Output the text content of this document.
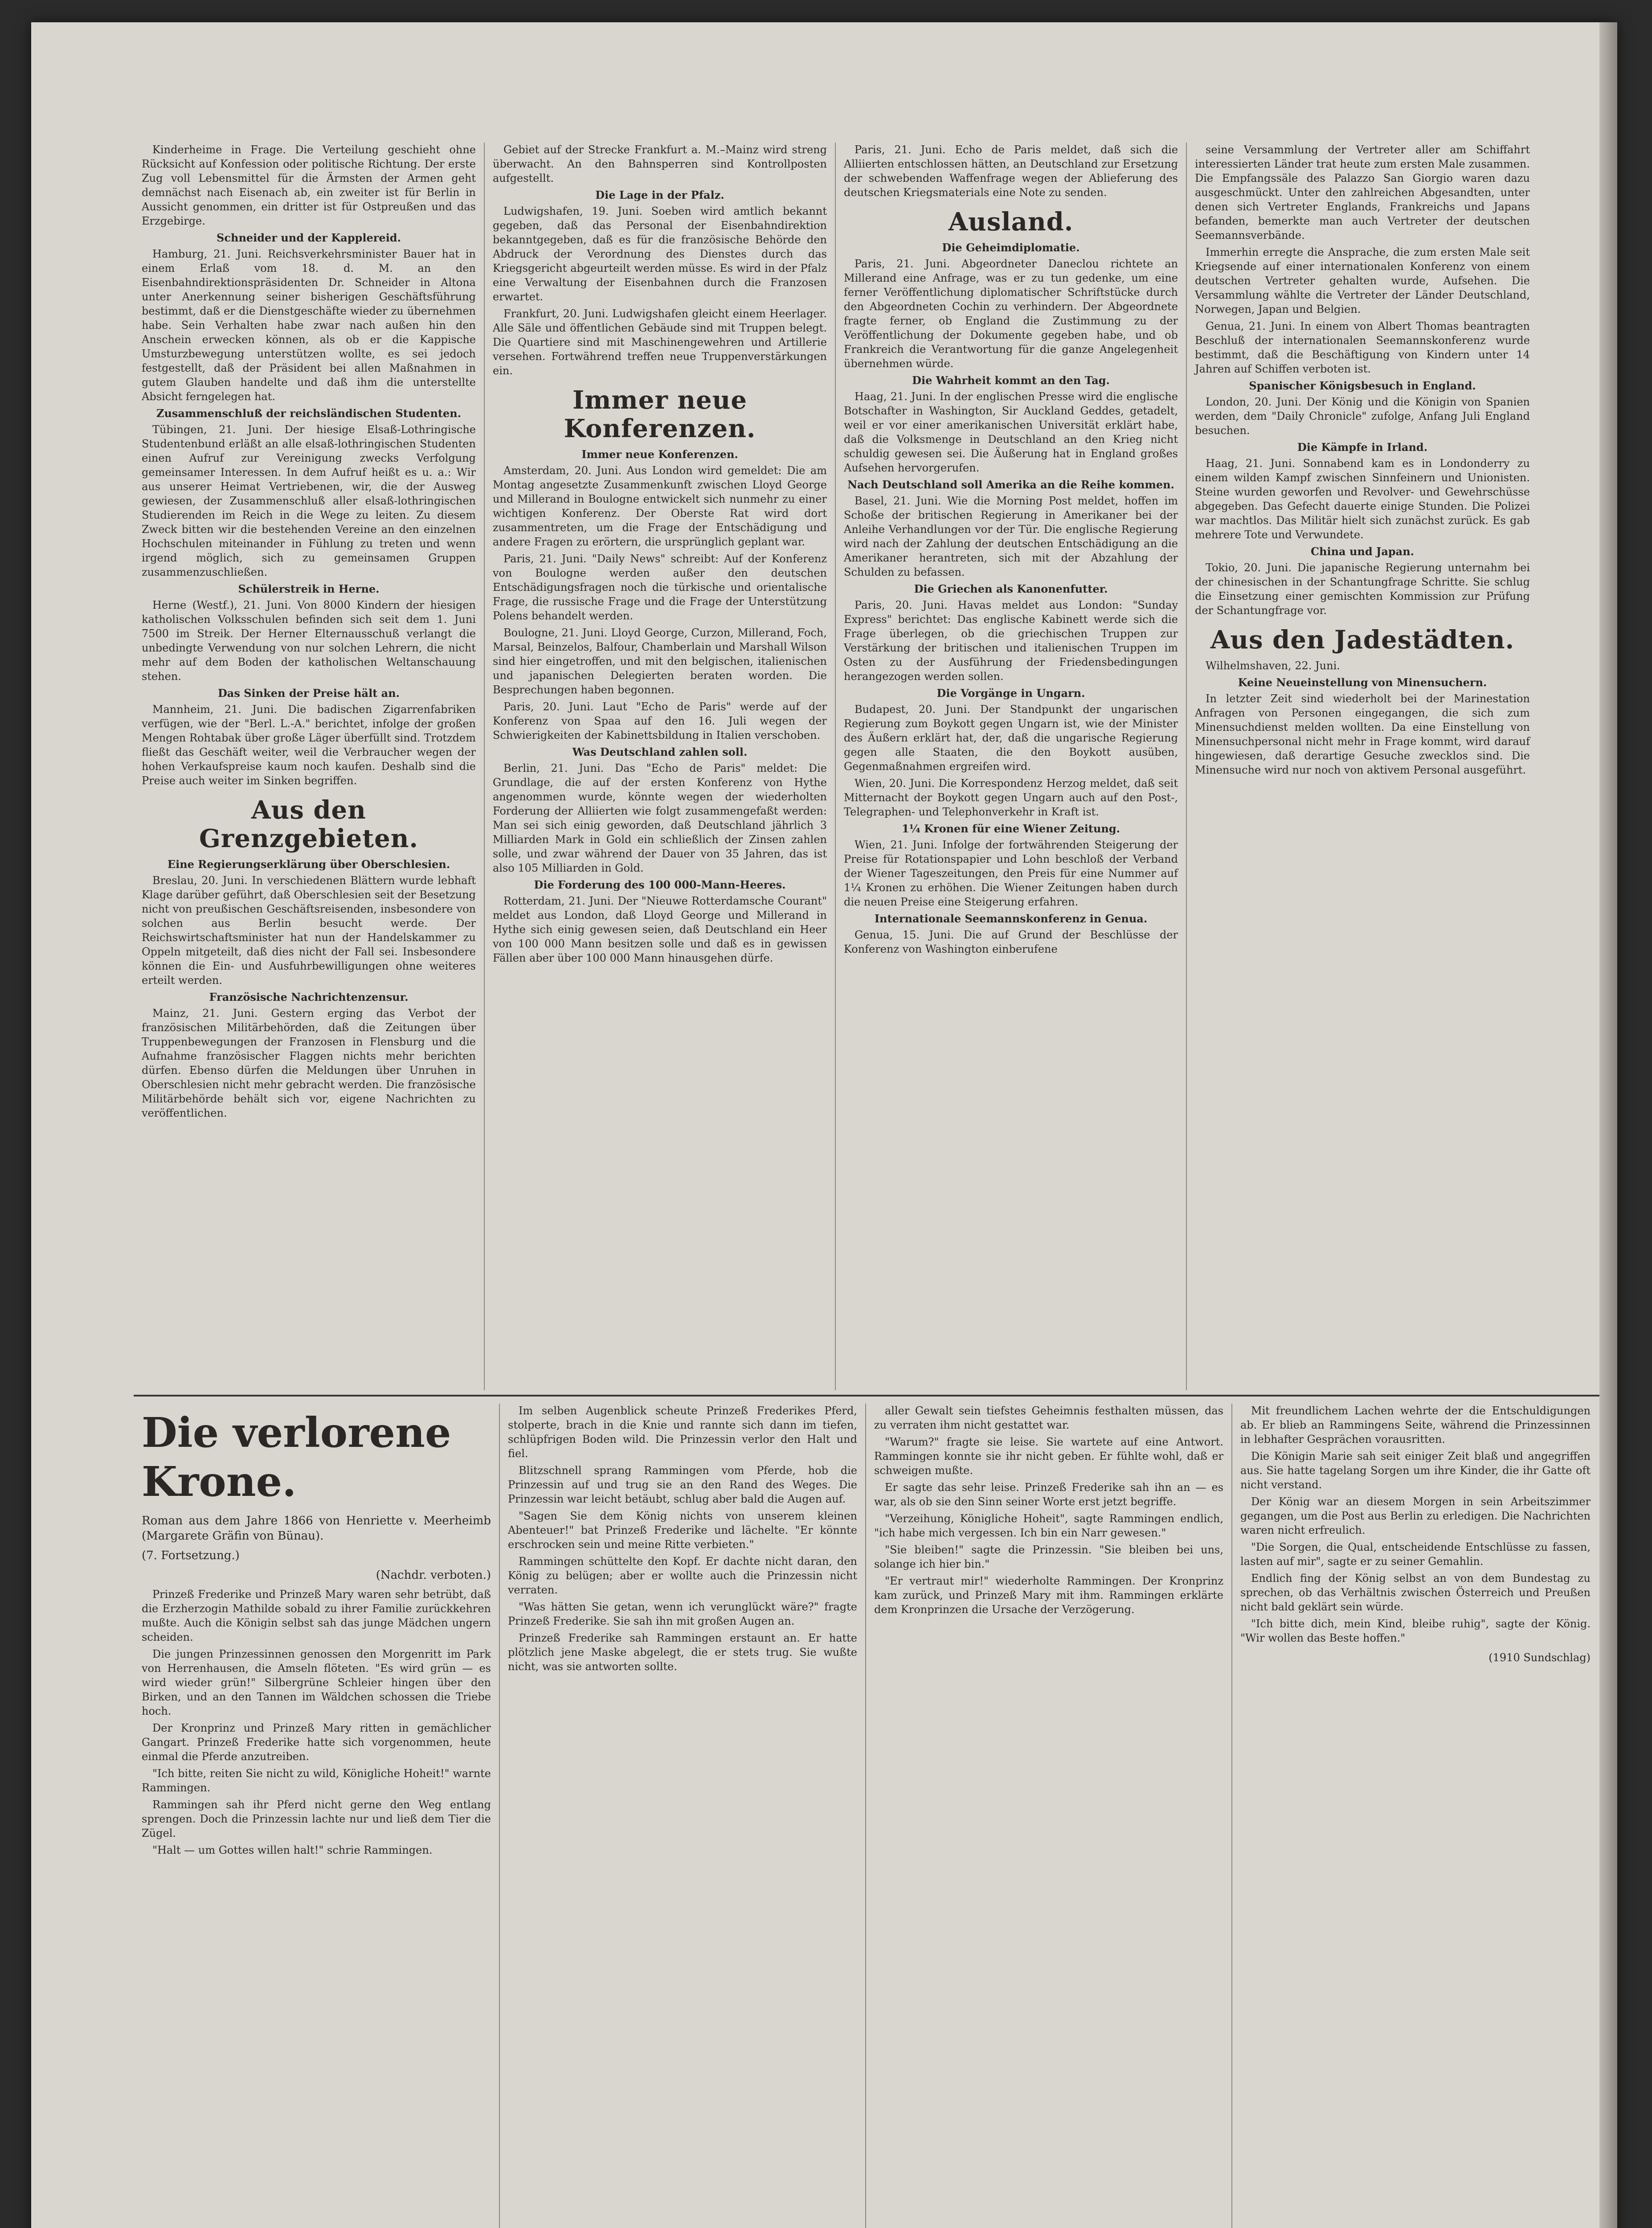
Kinderheime in Frage. Die Verteilung geschieht ohne Rücksicht auf Konfession oder politische Richtung. Der erste Zug voll Lebensmittel für die Ärmsten der Armen geht demnächst nach Eisenach ab, ein zweiter ist für Berlin in Aussicht genommen, ein dritter ist für Ostpreußen und das Erzgebirge.

Schneider und der Kapplereid.

Hamburg, 21. Juni. Reichsverkehrsminister Bauer hat in einem Erlaß vom 18. d. M. an den Eisenbahndirektionspräsidenten Dr. Schneider in Altona unter Anerkennung seiner bisherigen Geschäftsführung bestimmt, daß er die Dienstgeschäfte wieder zu übernehmen habe. Sein Verhalten habe zwar nach außen hin den Anschein erwecken können, als ob er die Kappische Umsturzbewegung unterstützen wollte, es sei jedoch festgestellt, daß der Präsident bei allen Maßnahmen in gutem Glauben handelte und daß ihm die unterstellte Absicht ferngelegen hat.

Zusammenschluß der reichsländischen Studenten.

Tübingen, 21. Juni. Der hiesige Elsaß-Lothringische Studentenbund erläßt an alle elsaß-lothringischen Studenten einen Aufruf zur Vereinigung zwecks Verfolgung gemeinsamer Interessen. In dem Aufruf heißt es u. a.: Wir aus unserer Heimat Vertriebenen, wir, die der Ausweg gewiesen, der Zusammenschluß aller elsaß-lothringischen Studierenden im Reich in die Wege zu leiten. Zu diesem Zweck bitten wir die bestehenden Vereine an den einzelnen Hochschulen miteinander in Fühlung zu treten und wenn irgend möglich, sich zu gemeinsamen Gruppen zusammenzuschließen.

Schülerstreik in Herne.

Herne (Westf.), 21. Juni. Von 8000 Kindern der hiesigen katholischen Volksschulen befinden sich seit dem 1. Juni 7500 im Streik. Der Herner Elternausschuß verlangt die unbedingte Verwendung von nur solchen Lehrern, die nicht mehr auf dem Boden der katholischen Weltanschauung stehen.

Das Sinken der Preise hält an.

Mannheim, 21. Juni. Die badischen Zigarrenfabriken verfügen, wie der "Berl. L.-A." berichtet, infolge der großen Mengen Rohtabak über große Läger überfüllt sind. Trotzdem fließt das Geschäft weiter, weil die Verbraucher wegen der hohen Verkaufspreise kaum noch kaufen. Deshalb sind die Preise auch weiter im Sinken begriffen.

Aus den Grenzgebieten.
Eine Regierungserklärung über Oberschlesien.

Breslau, 20. Juni. In verschiedenen Blättern wurde lebhaft Klage darüber geführt, daß Oberschlesien seit der Besetzung nicht von preußischen Geschäftsreisenden, insbesondere von solchen aus Berlin besucht werde. Der Reichswirtschaftsminister hat nun der Handelskammer zu Oppeln mitgeteilt, daß dies nicht der Fall sei. Insbesondere können die Ein- und Ausfuhrbewilligungen ohne weiteres erteilt werden.

Französische Nachrichtenzensur.

Mainz, 21. Juni. Gestern erging das Verbot der französischen Militärbehörden, daß die Zeitungen über Truppenbewegungen der Franzosen in Flensburg und die Aufnahme französischer Flaggen nichts mehr berichten dürfen. Ebenso dürfen die Meldungen über Unruhen in Oberschlesien nicht mehr gebracht werden. Die französische Militärbehörde behält sich vor, eigene Nachrichten zu veröffentlichen.

Gebiet auf der Strecke Frankfurt a. M.–Mainz wird streng überwacht. An den Bahnsperren sind Kontrollposten aufgestellt.

Die Lage in der Pfalz.

Ludwigshafen, 19. Juni. Soeben wird amtlich bekannt gegeben, daß das Personal der Eisenbahndirektion bekanntgegeben, daß es für die französische Behörde den Abdruck der Verordnung des Dienstes durch das Kriegsgericht abgeurteilt werden müsse. Es wird in der Pfalz eine Verwaltung der Eisenbahnen durch die Franzosen erwartet.

Frankfurt, 20. Juni. Ludwigshafen gleicht einem Heerlager. Alle Säle und öffentlichen Gebäude sind mit Truppen belegt. Die Quartiere sind mit Maschinengewehren und Artillerie versehen. Fortwährend treffen neue Truppenverstärkungen ein.

Immer neue Konferenzen.
Immer neue Konferenzen.

Amsterdam, 20. Juni. Aus London wird gemeldet: Die am Montag angesetzte Zusammenkunft zwischen Lloyd George und Millerand in Boulogne entwickelt sich nunmehr zu einer wichtigen Konferenz. Der Oberste Rat wird dort zusammentreten, um die Frage der Entschädigung und andere Fragen zu erörtern, die ursprünglich geplant war.

Paris, 21. Juni. "Daily News" schreibt: Auf der Konferenz von Boulogne werden außer den deutschen Entschädigungsfragen noch die türkische und orientalische Frage, die russische Frage und die Frage der Unterstützung Polens behandelt werden.

Boulogne, 21. Juni. Lloyd George, Curzon, Millerand, Foch, Marsal, Beinzelos, Balfour, Chamberlain und Marshall Wilson sind hier eingetroffen, und mit den belgischen, italienischen und japanischen Delegierten beraten worden. Die Besprechungen haben begonnen.

Paris, 20. Juni. Laut "Echo de Paris" werde auf der Konferenz von Spaa auf den 16. Juli wegen der Schwierigkeiten der Kabinettsbildung in Italien verschoben.

Was Deutschland zahlen soll.

Berlin, 21. Juni. Das "Echo de Paris" meldet: Die Grundlage, die auf der ersten Konferenz von Hythe angenommen wurde, könnte wegen der wiederholten Forderung der Alliierten wie folgt zusammengefaßt werden: Man sei sich einig geworden, daß Deutschland jährlich 3 Milliarden Mark in Gold ein schließlich der Zinsen zahlen solle, und zwar während der Dauer von 35 Jahren, das ist also 105 Milliarden in Gold.

Die Forderung des 100 000-Mann-Heeres.

Rotterdam, 21. Juni. Der "Nieuwe Rotterdamsche Courant" meldet aus London, daß Lloyd George und Millerand in Hythe sich einig gewesen seien, daß Deutschland ein Heer von 100 000 Mann besitzen solle und daß es in gewissen Fällen aber über 100 000 Mann hinausgehen dürfe.

Paris, 21. Juni. Echo de Paris meldet, daß sich die Alliierten entschlossen hätten, an Deutschland zur Ersetzung der schwebenden Waffenfrage wegen der Ablieferung des deutschen Kriegsmaterials eine Note zu senden.

Ausland.
Die Geheimdiplomatie.

Paris, 21. Juni. Abgeordneter Daneclou richtete an Millerand eine Anfrage, was er zu tun gedenke, um eine ferner Veröffentlichung diplomatischer Schriftstücke durch den Abgeordneten Cochin zu verhindern. Der Abgeordnete fragte ferner, ob England die Zustimmung zu der Veröffentlichung der Dokumente gegeben habe, und ob Frankreich die Verantwortung für die ganze Angelegenheit übernehmen würde.

Die Wahrheit kommt an den Tag.

Haag, 21. Juni. In der englischen Presse wird die englische Botschafter in Washington, Sir Auckland Geddes, getadelt, weil er vor einer amerikanischen Universität erklärt habe, daß die Volksmenge in Deutschland an den Krieg nicht schuldig gewesen sei. Die Äußerung hat in England großes Aufsehen hervorgerufen.

Nach Deutschland soll Amerika an die Reihe kommen.

Basel, 21. Juni. Wie die Morning Post meldet, hoffen im Schoße der britischen Regierung in Amerikaner bei der Anleihe Verhandlungen vor der Tür. Die englische Regierung wird nach der Zahlung der deutschen Entschädigung an die Amerikaner herantreten, sich mit der Abzahlung der Schulden zu befassen.

Die Griechen als Kanonenfutter.

Paris, 20. Juni. Havas meldet aus London: "Sunday Express" berichtet: Das englische Kabinett werde sich die Frage überlegen, ob die griechischen Truppen zur Verstärkung der britischen und italienischen Truppen im Osten zu der Ausführung der Friedensbedingungen herangezogen werden sollen.

Die Vorgänge in Ungarn.

Budapest, 20. Juni. Der Standpunkt der ungarischen Regierung zum Boykott gegen Ungarn ist, wie der Minister des Äußern erklärt hat, der, daß die ungarische Regierung gegen alle Staaten, die den Boykott ausüben, Gegenmaßnahmen ergreifen wird.

Wien, 20. Juni. Die Korrespondenz Herzog meldet, daß seit Mitternacht der Boykott gegen Ungarn auch auf den Post-, Telegraphen- und Telephonverkehr in Kraft ist.

1¼ Kronen für eine Wiener Zeitung.

Wien, 21. Juni. Infolge der fortwährenden Steigerung der Preise für Rotationspapier und Lohn beschloß der Verband der Wiener Tageszeitungen, den Preis für eine Nummer auf 1¼ Kronen zu erhöhen. Die Wiener Zeitungen haben durch die neuen Preise eine Steigerung erfahren.

Internationale Seemannskonferenz in Genua.

Genua, 15. Juni. Die auf Grund der Beschlüsse der Konferenz von Washington einberufene

seine Versammlung der Vertreter aller am Schiffahrt interessierten Länder trat heute zum ersten Male zusammen. Die Empfangssäle des Palazzo San Giorgio waren dazu ausgeschmückt. Unter den zahlreichen Abgesandten, unter denen sich Vertreter Englands, Frankreichs und Japans befanden, bemerkte man auch Vertreter der deutschen Seemannsverbände.

Immerhin erregte die Ansprache, die zum ersten Male seit Kriegsende auf einer internationalen Konferenz von einem deutschen Vertreter gehalten wurde, Aufsehen. Die Versammlung wählte die Vertreter der Länder Deutschland, Norwegen, Japan und Belgien.

Genua, 21. Juni. In einem von Albert Thomas beantragten Beschluß der internationalen Seemannskonferenz wurde bestimmt, daß die Beschäftigung von Kindern unter 14 Jahren auf Schiffen verboten ist.

Spanischer Königsbesuch in England.

London, 20. Juni. Der König und die Königin von Spanien werden, dem "Daily Chronicle" zufolge, Anfang Juli England besuchen.

Die Kämpfe in Irland.

Haag, 21. Juni. Sonnabend kam es in Londonderry zu einem wilden Kampf zwischen Sinnfeinern und Unionisten. Steine wurden geworfen und Revolver- und Gewehrschüsse abgegeben. Das Gefecht dauerte einige Stunden. Die Polizei war machtlos. Das Militär hielt sich zunächst zurück. Es gab mehrere Tote und Verwundete.

China und Japan.

Tokio, 20. Juni. Die japanische Regierung unternahm bei der chinesischen in der Schantungfrage Schritte. Sie schlug die Einsetzung einer gemischten Kommission zur Prüfung der Schantungfrage vor.

Aus den Jadestädten.

Wilhelmshaven, 22. Juni.

Keine Neueinstellung von Minensuchern.

In letzter Zeit sind wiederholt bei der Marinestation Anfragen von Personen eingegangen, die sich zum Minensuchdienst melden wollten. Da eine Einstellung von Minensuchpersonal nicht mehr in Frage kommt, wird darauf hingewiesen, daß derartige Gesuche zwecklos sind. Die Minensuche wird nur noch von aktivem Personal ausgeführt.

Die verlorene Krone.

Roman aus dem Jahre 1866 von Henriette v. Meerheimb (Margarete Gräfin von Bünau).

(7. Fortsetzung.)

(Nachdr. verboten.)

Prinzeß Frederike und Prinzeß Mary waren sehr betrübt, daß die Erzherzogin Mathilde sobald zu ihrer Familie zurückkehren mußte. Auch die Königin selbst sah das junge Mädchen ungern scheiden.

Die jungen Prinzessinnen genossen den Morgenritt im Park von Herrenhausen, die Amseln flöteten. "Es wird grün — es wird wieder grün!" Silbergrüne Schleier hingen über den Birken, und an den Tannen im Wäldchen schossen die Triebe hoch.

Der Kronprinz und Prinzeß Mary ritten in gemächlicher Gangart. Prinzeß Frederike hatte sich vorgenommen, heute einmal die Pferde anzutreiben.

"Ich bitte, reiten Sie nicht zu wild, Königliche Hoheit!" warnte Rammingen.

Rammingen sah ihr Pferd nicht gerne den Weg entlang sprengen. Doch die Prinzessin lachte nur und ließ dem Tier die Zügel.

"Halt — um Gottes willen halt!" schrie Rammingen.

Im selben Augenblick scheute Prinzeß Frederikes Pferd, stolperte, brach in die Knie und rannte sich dann im tiefen, schlüpfrigen Boden wild. Die Prinzessin verlor den Halt und fiel.

Blitzschnell sprang Rammingen vom Pferde, hob die Prinzessin auf und trug sie an den Rand des Weges. Die Prinzessin war leicht betäubt, schlug aber bald die Augen auf.

"Sagen Sie dem König nichts von unserem kleinen Abenteuer!" bat Prinzeß Frederike und lächelte. "Er könnte erschrocken sein und meine Ritte verbieten."

Rammingen schüttelte den Kopf. Er dachte nicht daran, den König zu belügen; aber er wollte auch die Prinzessin nicht verraten.

"Was hätten Sie getan, wenn ich verunglückt wäre?" fragte Prinzeß Frederike. Sie sah ihn mit großen Augen an.

Prinzeß Frederike sah Rammingen erstaunt an. Er hatte plötzlich jene Maske abgelegt, die er stets trug. Sie wußte nicht, was sie antworten sollte.

aller Gewalt sein tiefstes Geheimnis festhalten müssen, das zu verraten ihm nicht gestattet war.

"Warum?" fragte sie leise. Sie wartete auf eine Antwort. Rammingen konnte sie ihr nicht geben. Er fühlte wohl, daß er schweigen mußte.

Er sagte das sehr leise. Prinzeß Frederike sah ihn an — es war, als ob sie den Sinn seiner Worte erst jetzt begriffe.

"Verzeihung, Königliche Hoheit", sagte Rammingen endlich, "ich habe mich vergessen. Ich bin ein Narr gewesen."

"Sie bleiben!" sagte die Prinzessin. "Sie bleiben bei uns, solange ich hier bin."

"Er vertraut mir!" wiederholte Rammingen. Der Kronprinz kam zurück, und Prinzeß Mary mit ihm. Rammingen erklärte dem Kronprinzen die Ursache der Verzögerung.

Mit freundlichem Lachen wehrte der die Entschuldigungen ab. Er blieb an Rammingens Seite, während die Prinzessinnen in lebhafter Gesprächen vorausritten.

Die Königin Marie sah seit einiger Zeit blaß und angegriffen aus. Sie hatte tagelang Sorgen um ihre Kinder, die ihr Gatte oft nicht verstand.

Der König war an diesem Morgen in sein Arbeitszimmer gegangen, um die Post aus Berlin zu erledigen. Die Nachrichten waren nicht erfreulich.

"Die Sorgen, die Qual, entscheidende Entschlüsse zu fassen, lasten auf mir", sagte er zu seiner Gemahlin.

Endlich fing der König selbst an von dem Bundestag zu sprechen, ob das Verhältnis zwischen Österreich und Preußen nicht bald geklärt sein würde.

"Ich bitte dich, mein Kind, bleibe ruhig", sagte der König. "Wir wollen das Beste hoffen."

(1910 Sundschlag)
